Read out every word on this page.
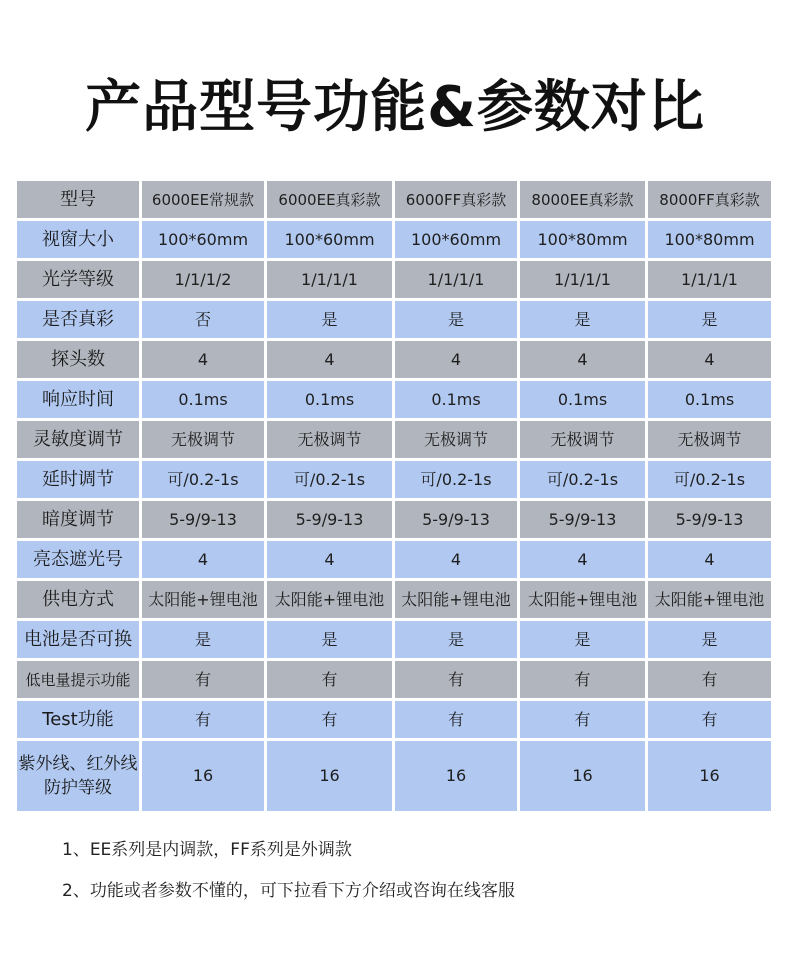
产品型号功能&参数对比
型号	6000EE常规款	6000EE真彩款	6000FF真彩款	8000EE真彩款	8000FF真彩款
视窗大小	100*60mm	100*60mm	100*60mm	100*80mm	100*80mm
光学等级	1/1/1/2	1/1/1/1	1/1/1/1	1/1/1/1	1/1/1/1
是否真彩	否	是	是	是	是
探头数	4	4	4	4	4
响应时间	0.1ms	0.1ms	0.1ms	0.1ms	0.1ms
灵敏度调节	无极调节	无极调节	无极调节	无极调节	无极调节
延时调节	可/0.2-1s	可/0.2-1s	可/0.2-1s	可/0.2-1s	可/0.2-1s
暗度调节	5-9/9-13	5-9/9-13	5-9/9-13	5-9/9-13	5-9/9-13
亮态遮光号	4	4	4	4	4
供电方式	太阳能+锂电池	太阳能+锂电池	太阳能+锂电池	太阳能+锂电池	太阳能+锂电池
电池是否可换	是	是	是	是	是
低电量提示功能	有	有	有	有	有
Test功能	有	有	有	有	有
紫外线、红外线防护等级	16	16	16	16	16
1、EE系列是内调款，FF系列是外调款
2、功能或者参数不懂的，可下拉看下方介绍或咨询在线客服
